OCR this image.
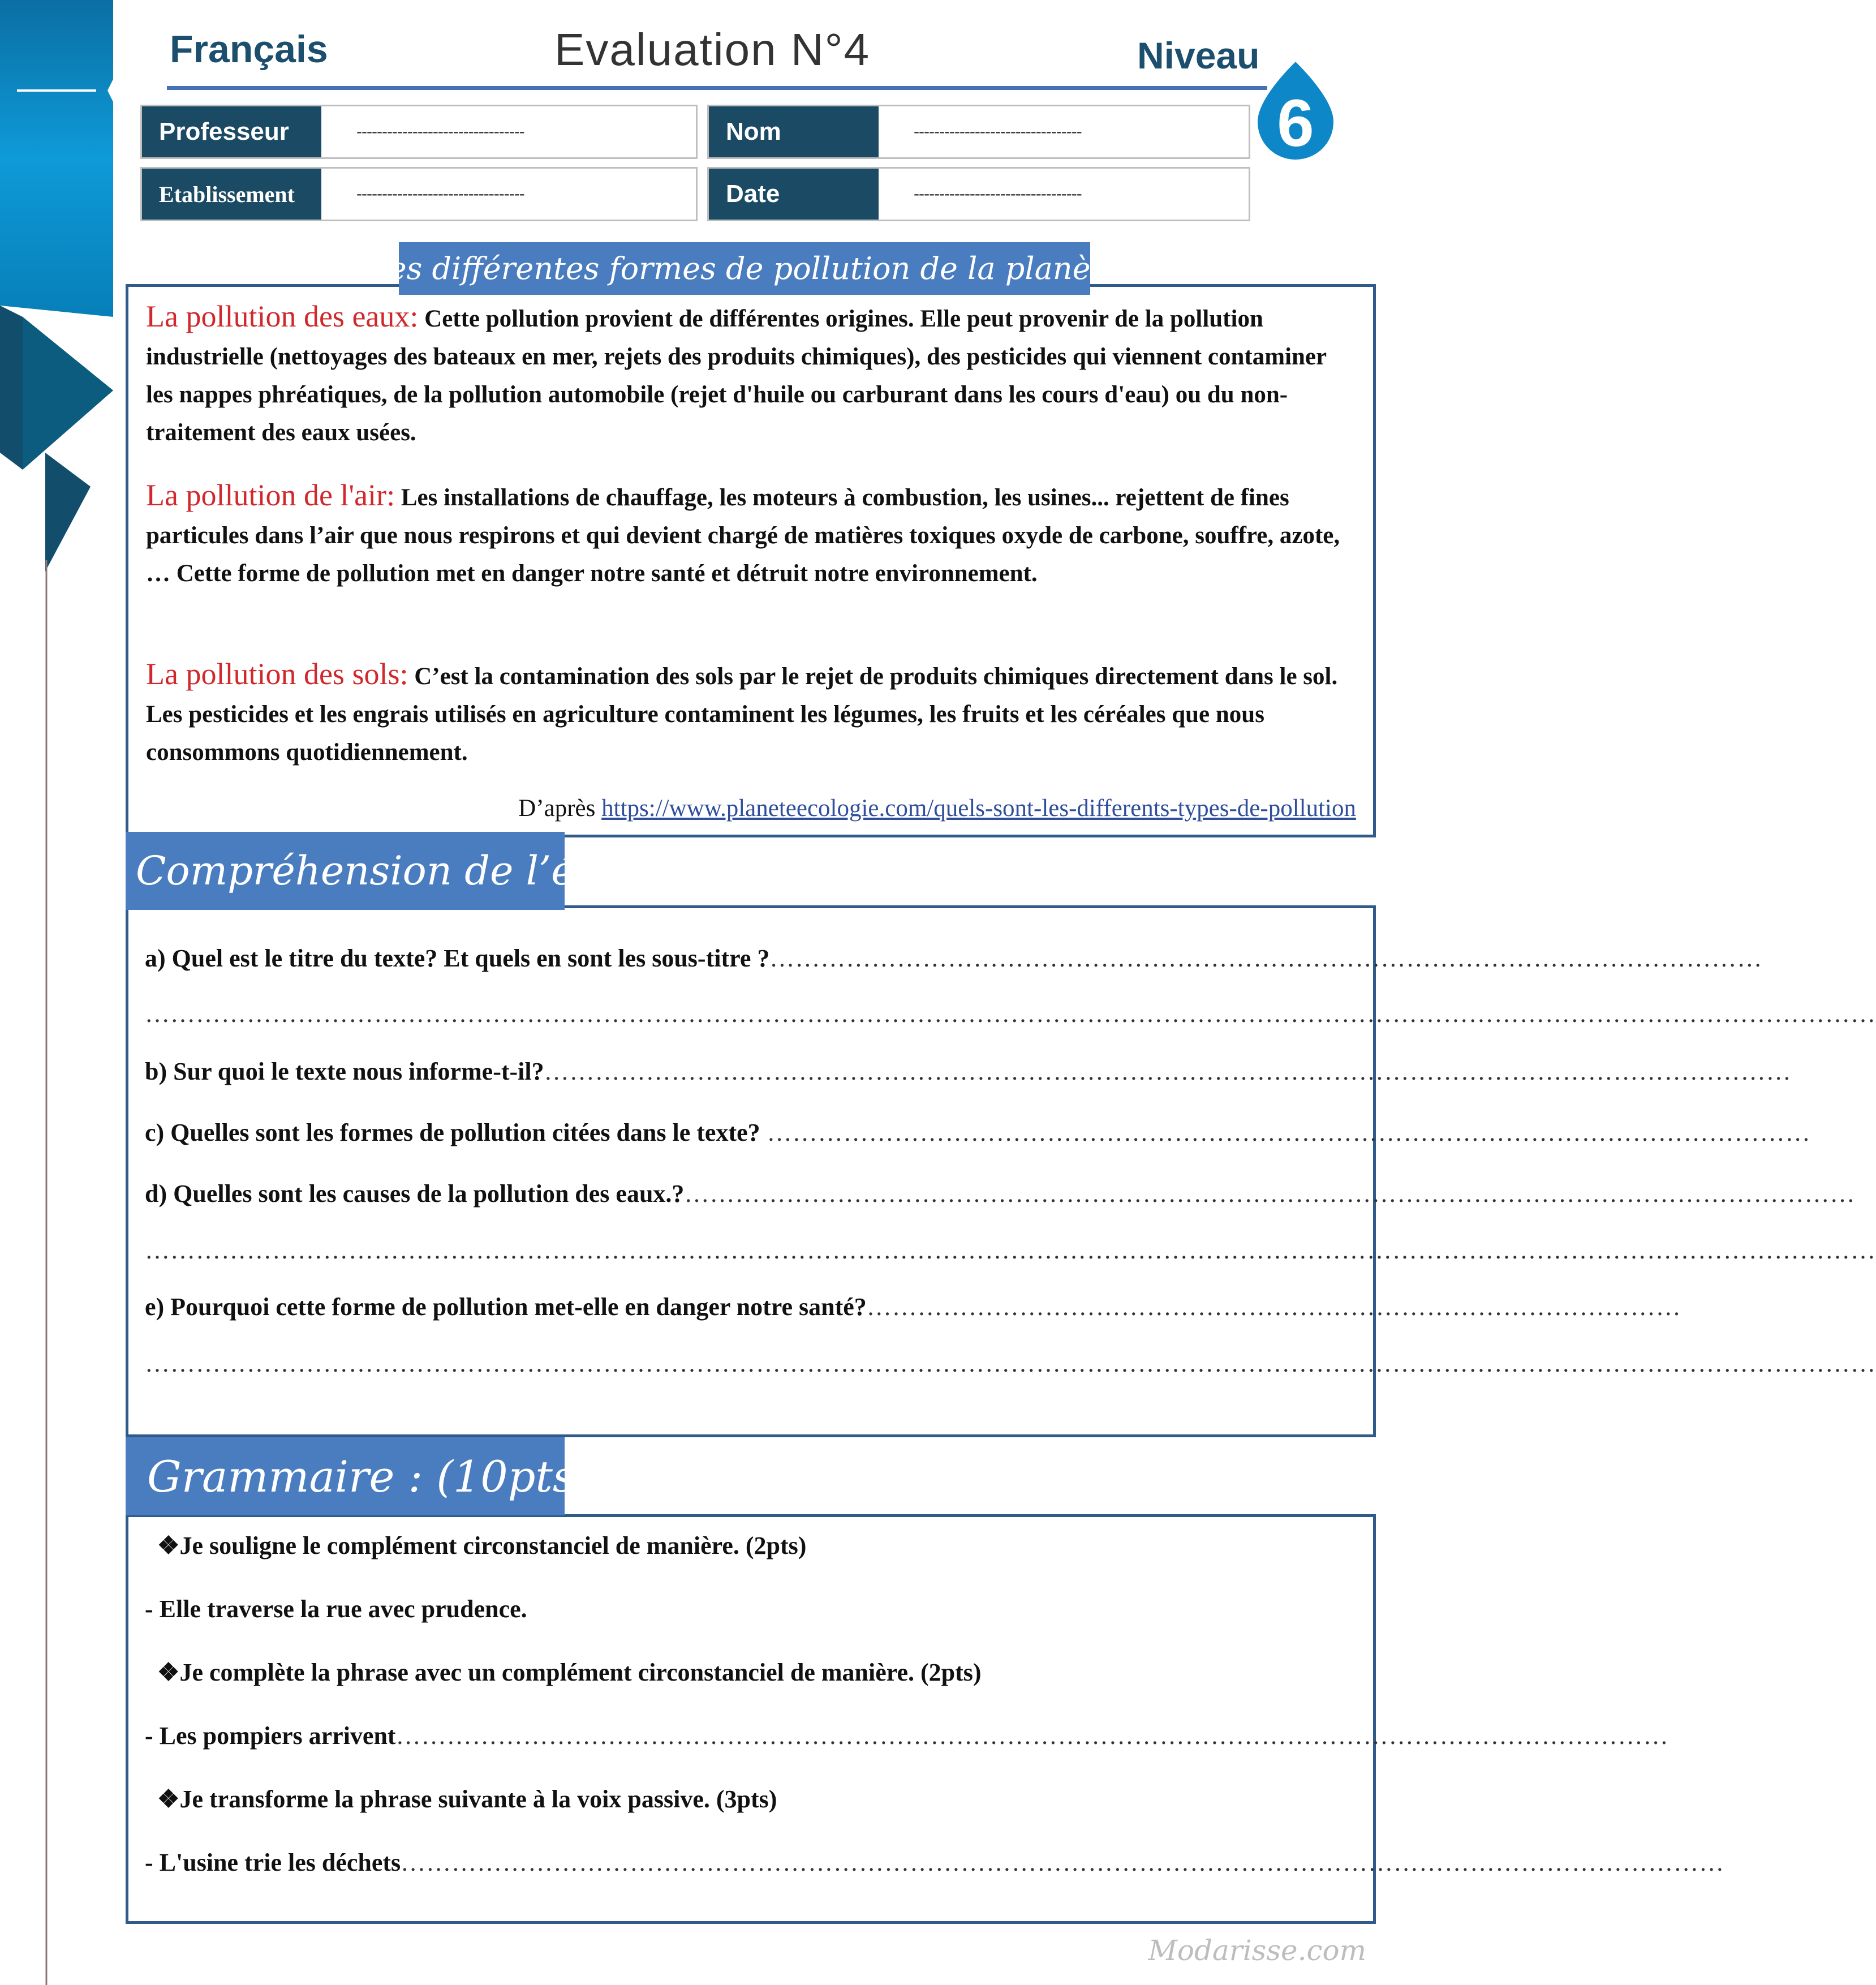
Français	Evaluation N°4	Niveau
6
Professeur	---------------------------------	Nom	---------------------------------
Etablissement	---------------------------------	Date	---------------------------------
Les différentes formes de pollution de la planète
La pollution des eaux: Cette pollution provient de différentes origines. Elle peut provenir de la pollution industrielle (nettoyages des bateaux en mer, rejets des produits chimiques), des pesticides qui viennent contaminer les nappes phréatiques, de la pollution automobile (rejet d'huile ou carburant dans les cours d'eau) ou du non-traitement des eaux usées.
La pollution de l'air: Les installations de chauffage, les moteurs à combustion, les usines... rejettent de fines particules dans l’air que nous respirons et qui devient chargé de matières toxiques oxyde de carbone, souffre, azote, … Cette forme de pollution met en danger notre santé et détruit notre environnement.
La pollution des sols: C’est la contamination des sols par le rejet de produits chimiques directement dans le sol. Les pesticides et les engrais utilisés en agriculture contaminent les légumes, les fruits et les céréales que nous consommons quotidiennement.
D’après https://www.planeteecologie.com/quels-sont-les-differents-types-de-pollution
Compréhension de l’écrit (10pts)
a) Quel est le titre du texte? Et quels en sont les sous-titre ?………………………………………………………………………………………………………
……………………………………………………………………………………………………………………………………………………………………………………
b) Sur quoi le texte nous informe-t-il?…………………………………………………………………………………………………………………………………
c) Quelles sont les formes de pollution citées dans le texte? ……………………………………………………………………………………………………………
d) Quelles sont les causes de la pollution des eaux.?…………………………………………………………………………………………………………………………
……………………………………………………………………………………………………………………………………………………………………………………
e) Pourquoi cette forme de pollution met-elle en danger notre santé?……………………………………………………………………………………
……………………………………………………………………………………………………………………………………………………………………………………
Grammaire : (10pts)
❖Je souligne le complément circonstanciel de manière. (2pts)
- Elle traverse la rue avec prudence.
❖Je complète la phrase avec un complément circonstanciel de manière. (2pts)
- Les pompiers arrivent……………………………………………………………………………………………………………………………………
❖Je transforme la phrase suivante à la voix passive. (3pts)
- L'usine trie les déchets…………………………………………………………………………………………………………………………………………
Modarisse.com
